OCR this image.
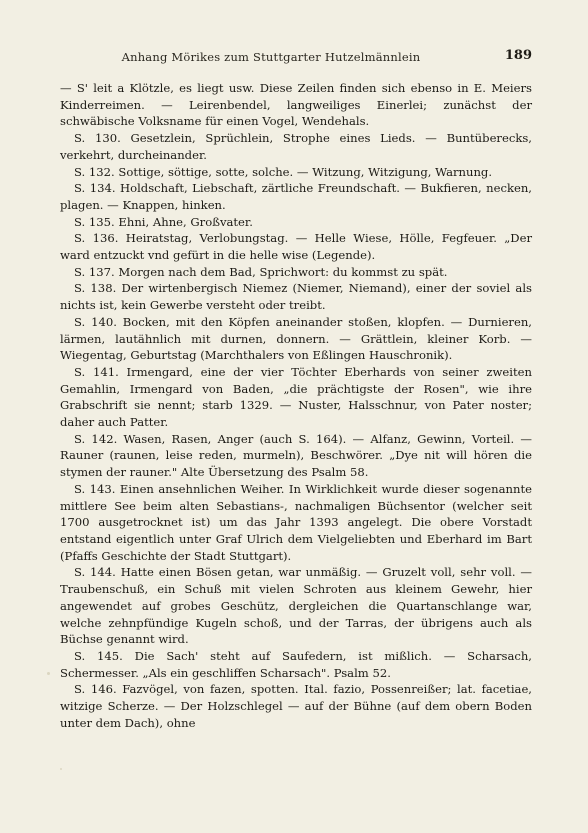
Anhang Mörikes zum Stuttgarter Hutzelmännlein	189

— S' leit a Klötzle, es liegt usw. Diese Zeilen finden sich ebenso in E. Meiers Kinderreimen. — Leirenbendel, langweiliges Einerlei; zunächst der schwäbische Volksname für einen Vogel, Wendehals.

S. 130. Gesetzlein, Sprüchlein, Strophe eines Lieds. — Buntüberecks, verkehrt, durcheinander.

S. 132. Sottige, söttige, sotte, solche. — Witzung, Witzigung, Warnung.

S. 134. Holdschaft, Liebschaft, zärtliche Freundschaft. — Bukfieren, necken, plagen. — Knappen, hinken.

S. 135. Ehni, Ahne, Großvater.

S. 136. Heiratstag, Verlobungstag. — Helle Wiese, Hölle, Fegfeuer. „Der ward entzuckt vnd gefürt in die helle wise (Legende).

S. 137. Morgen nach dem Bad, Sprichwort: du kommst zu spät.

S. 138. Der wirtenbergisch Niemez (Niemer, Niemand), einer der soviel als nichts ist, kein Gewerbe versteht oder treibt.

S. 140. Bocken, mit den Köpfen aneinander stoßen, klopfen. — Durnieren, lärmen, lautähnlich mit durnen, donnern. — Grättlein, kleiner Korb. — Wiegentag, Geburtstag (Marchthalers von Eßlingen Hauschronik).

S. 141. Irmengard, eine der vier Töchter Eberhards von seiner zweiten Gemahlin, Irmengard von Baden, „die prächtigste der Rosen", wie ihre Grabschrift sie nennt; starb 1329. — Nuster, Halsschnur, von Pater noster; daher auch Patter.

S. 142. Wasen, Rasen, Anger (auch S. 164). — Alfanz, Gewinn, Vorteil. — Rauner (raunen, leise reden, murmeln), Beschwörer. „Dye nit will hören die stymen der rauner." Alte Übersetzung des Psalm 58.

S. 143. Einen ansehnlichen Weiher. In Wirklichkeit wurde dieser sogenannte mittlere See beim alten Sebastians-, nachmaligen Büchsentor (welcher seit 1700 ausgetrocknet ist) um das Jahr 1393 angelegt. Die obere Vorstadt entstand eigentlich unter Graf Ulrich dem Vielgeliebten und Eberhard im Bart (Pfaffs Geschichte der Stadt Stuttgart).

S. 144. Hatte einen Bösen getan, war unmäßig. — Gruzelt voll, sehr voll. — Traubenschuß, ein Schuß mit vielen Schroten aus kleinem Gewehr, hier angewendet auf grobes Geschütz, dergleichen die Quartanschlange war, welche zehnpfündige Kugeln schoß, und der Tarras, der übrigens auch als Büchse genannt wird.

S. 145. Die Sach' steht auf Saufedern, ist mißlich. — Scharsach, Schermesser. „Als ein geschliffen Scharsach". Psalm 52.

S. 146. Fazvögel, von fazen, spotten. Ital. fazio, Possenreißer; lat. facetiae, witzige Scherze. — Der Holzschlegel — auf der Bühne (auf dem obern Boden unter dem Dach), ohne
